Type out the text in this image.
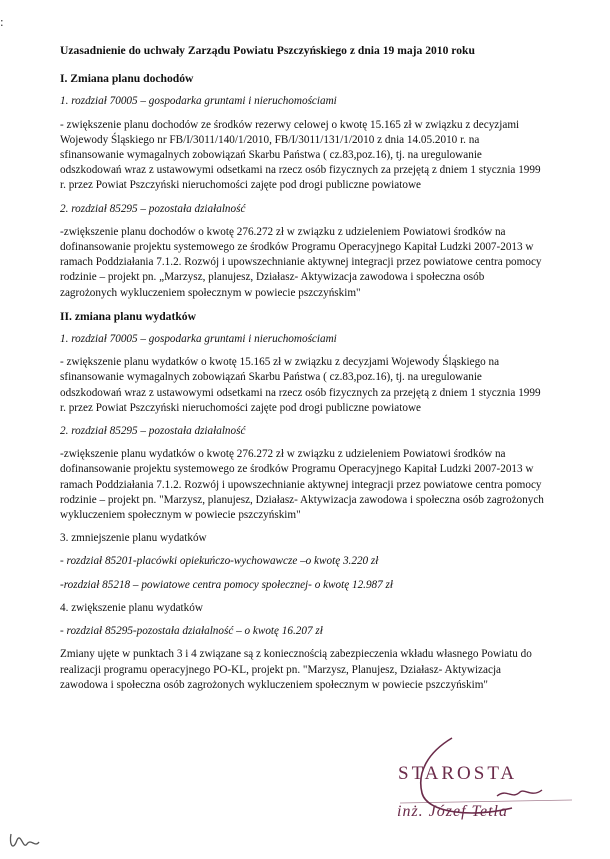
:
Uzasadnienie do uchwały Zarządu Powiatu Pszczyńskiego z dnia 19 maja 2010 roku
I. Zmiana planu dochodów
1. rozdział 70005 – gospodarka gruntami i nieruchomościami

- zwiększenie planu dochodów ze środków rezerwy celowej o kwotę 15.165 zł w związku z decyzjami Wojewody Śląskiego nr FB/I/3011/140/1/2010, FB/I/3011/131/1/2010 z dnia 14.05.2010 r. na sfinansowanie wymagalnych zobowiązań Skarbu Państwa ( cz.83,poz.16), tj. na uregulowanie odszkodowań wraz z ustawowymi odsetkami na rzecz osób fizycznych za przejętą z dniem 1 stycznia 1999 r. przez Powiat Pszczyński nieruchomości zajęte pod drogi publiczne powiatowe

2. rozdział 85295 – pozostała działalność

-zwiększenie planu dochodów o kwotę 276.272 zł w związku z udzieleniem Powiatowi środków na dofinansowanie projektu systemowego ze środków Programu Operacyjnego Kapitał Ludzki 2007-2013 w ramach Poddziałania 7.1.2. Rozwój i upowszechnianie aktywnej integracji przez powiatowe centra pomocy rodzinie – projekt pn. „Marzysz, planujesz, Działasz- Aktywizacja zawodowa i społeczna osób zagrożonych wykluczeniem społecznym w powiecie pszczyńskim"

II. zmiana planu wydatków
1. rozdział 70005 – gospodarka gruntami i nieruchomościami

- zwiększenie planu wydatków o kwotę 15.165 zł w związku z decyzjami Wojewody Śląskiego na sfinansowanie wymagalnych zobowiązań Skarbu Państwa ( cz.83,poz.16), tj. na uregulowanie odszkodowań wraz z ustawowymi odsetkami na rzecz osób fizycznych za przejętą z dniem 1 stycznia 1999 r. przez Powiat Pszczyński nieruchomości zajęte pod drogi publiczne powiatowe

2. rozdział 85295 – pozostała działalność

-zwiększenie planu wydatków o kwotę 276.272 zł w związku z udzieleniem Powiatowi środków na dofinansowanie projektu systemowego ze środków Programu Operacyjnego Kapitał Ludzki 2007-2013 w ramach Poddziałania 7.1.2. Rozwój i upowszechnianie aktywnej integracji przez powiatowe centra pomocy rodzinie – projekt pn. "Marzysz, planujesz, Działasz- Aktywizacja zawodowa i społeczna osób zagrożonych wykluczeniem społecznym w powiecie pszczyńskim"

3. zmniejszenie planu wydatków
- rozdział 85201-placówki opiekuńczo-wychowawcze –o kwotę 3.220 zł
-rozdział 85218 – powiatowe centra pomocy społecznej- o kwotę 12.987 zł
4. zwiększenie planu wydatków
- rozdział 85295-pozostała działalność – o kwotę 16.207 zł

Zmiany ujęte w punktach 3 i 4 związane są z koniecznością zabezpieczenia wkładu własnego Powiatu do realizacji programu operacyjnego PO-KL, projekt pn. "Marzysz, Planujesz, Działasz- Aktywizacja zawodowa i społeczna osób zagrożonych wykluczeniem społecznym w powiecie pszczyńskim"

STAROSTA
inż. Józef Tetla
